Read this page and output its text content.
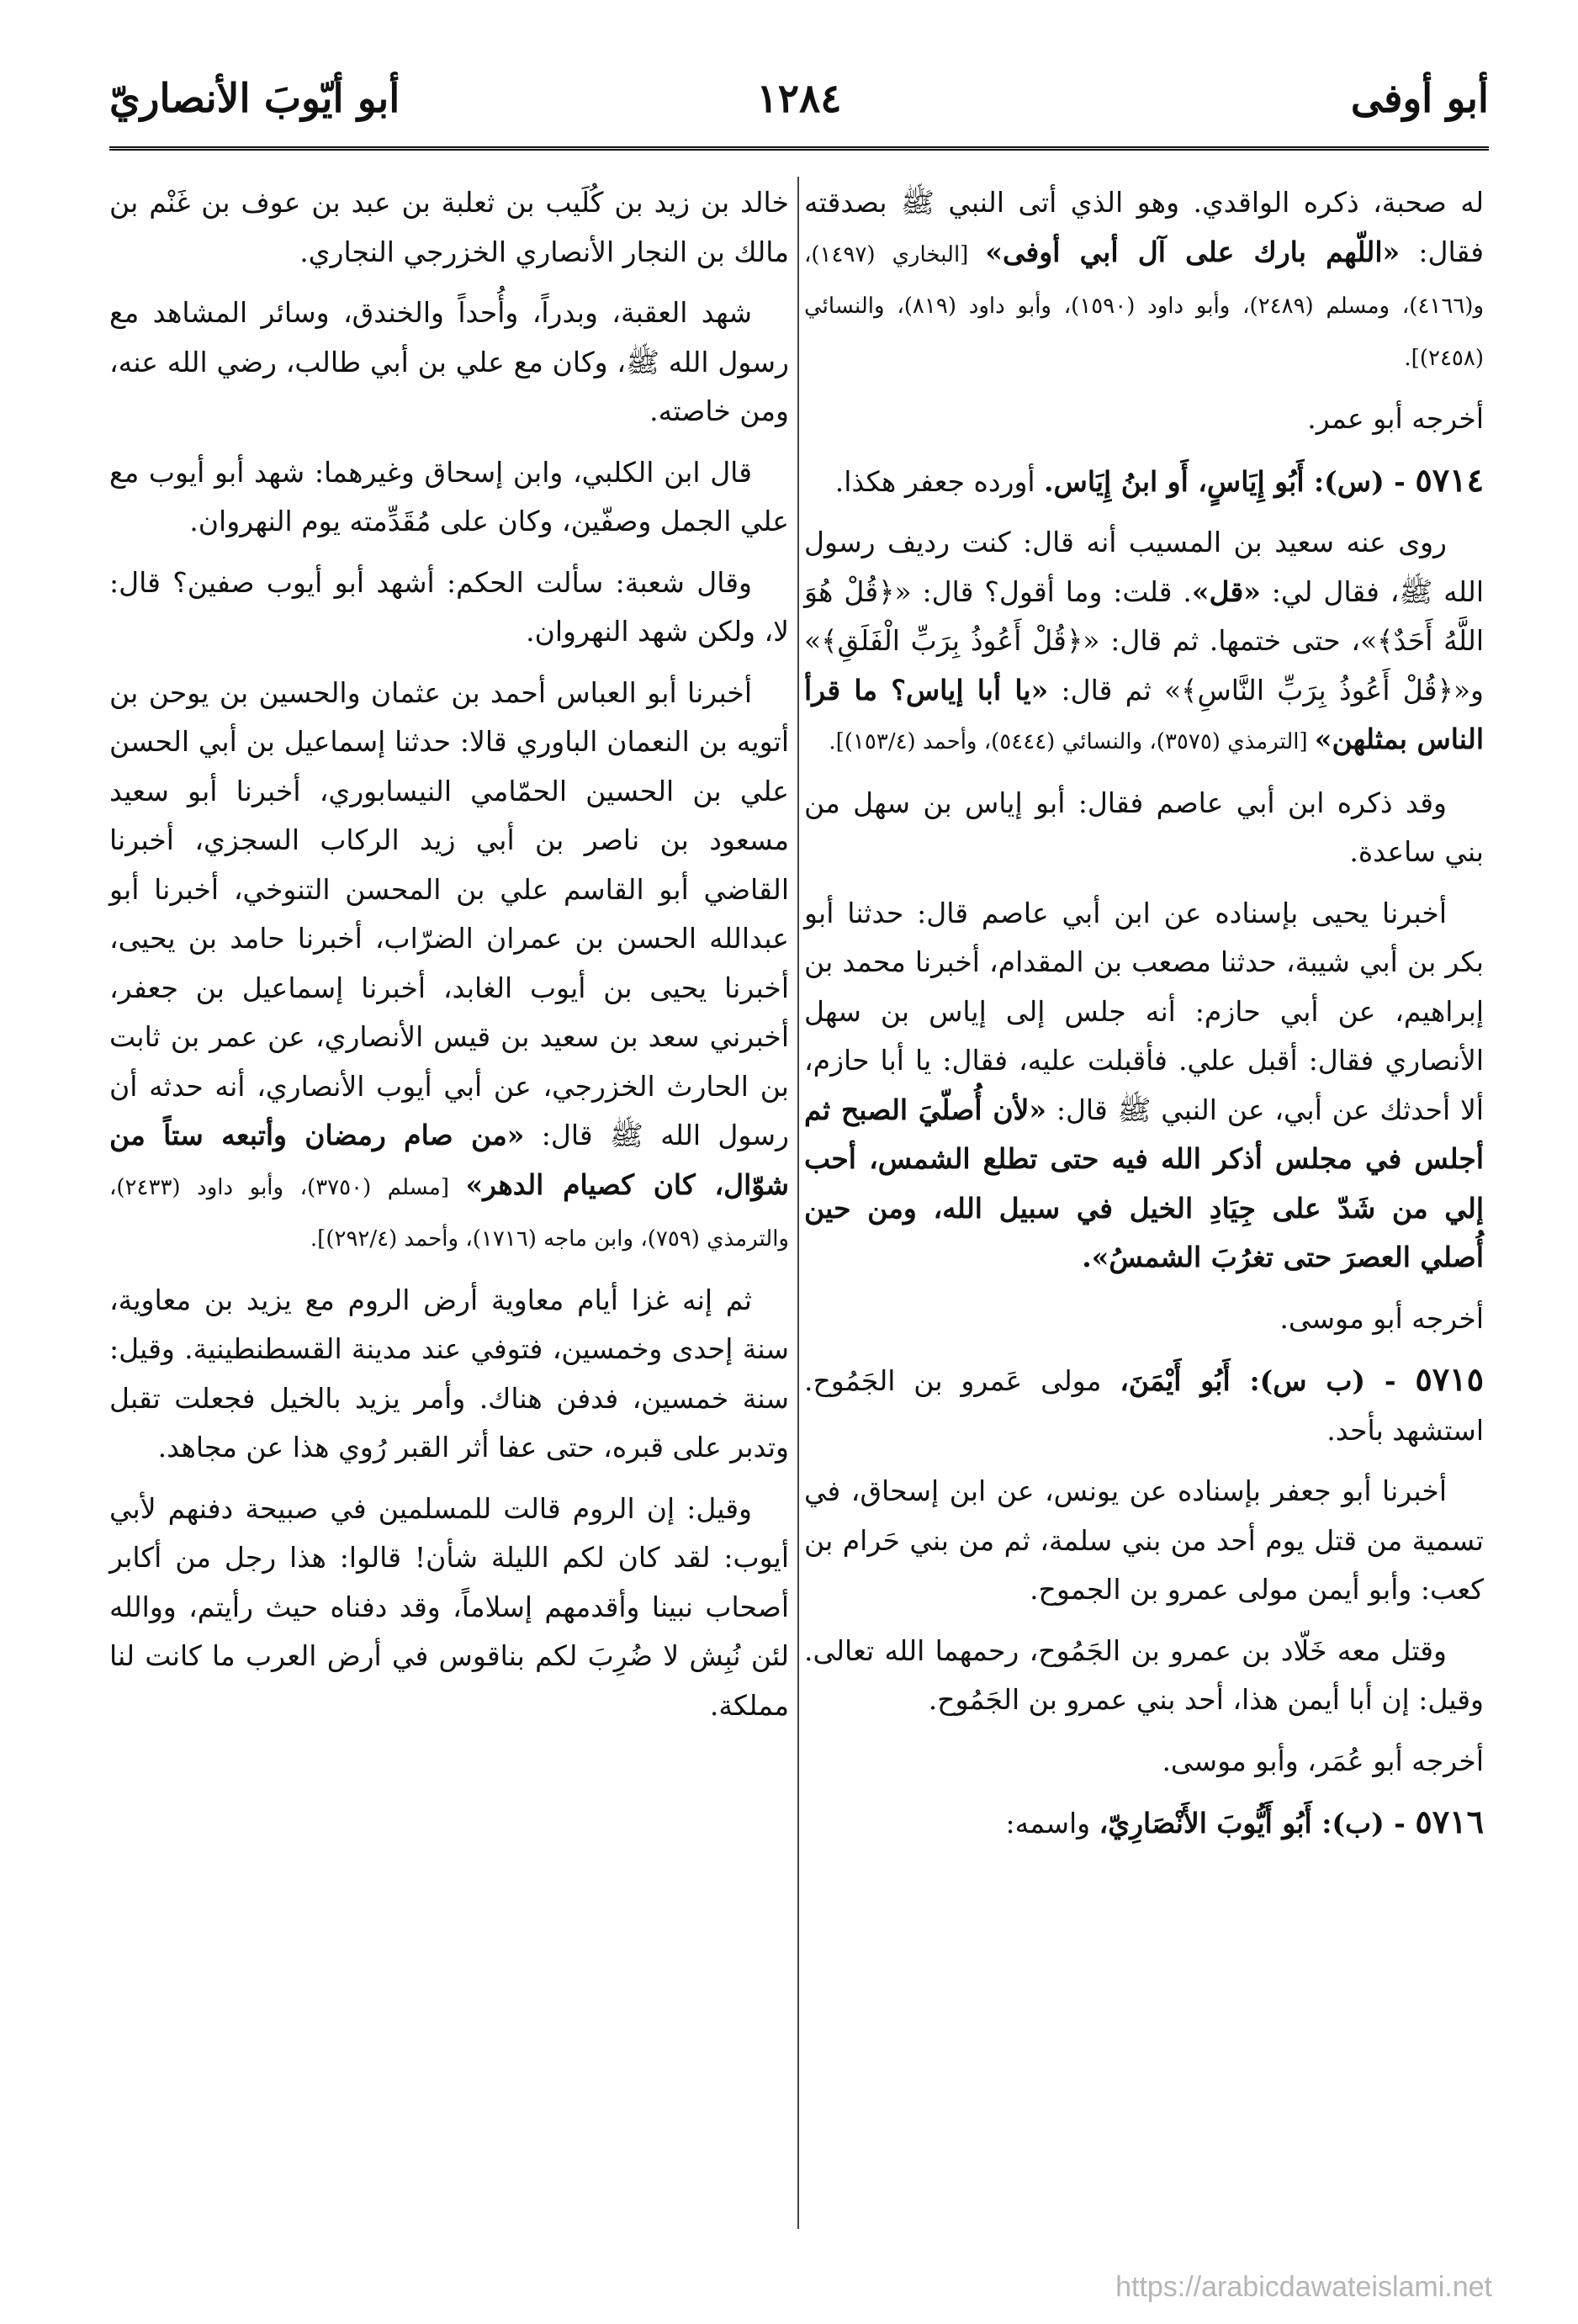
أبو أوفى
١٢٨٤
أبو أيّوبَ الأنصاريّ

له صحبة، ذكره الواقدي. وهو الذي أتى النبي ﷺ بصدقته فقال: «اللّهم بارك على آل أبي أوفى» [البخاري (١٤٩٧)، و(٤١٦٦)، ومسلم (٢٤٨٩)، وأبو داود (١٥٩٠)، وأبو داود (٨١٩)، والنسائي (٢٤٥٨)].

أخرجه أبو عمر.

٥٧١٤ - (س): أَبُو إِيَاسٍ، أَو ابنُ إِيَاس. أورده جعفر هكذا.

روى عنه سعيد بن المسيب أنه قال: كنت رديف رسول الله ﷺ، فقال لي: «قل». قلت: وما أقول؟ قال: «﴿قُلْ هُوَ اللَّهُ أَحَدٌ﴾»، حتى ختمها. ثم قال: «﴿قُلْ أَعُوذُ بِرَبِّ الْفَلَقِ﴾» و«﴿قُلْ أَعُوذُ بِرَبِّ النَّاسِ﴾» ثم قال: «يا أبا إياس؟ ما قرأ الناس بمثلهن» [الترمذي (٣٥٧٥)، والنسائي (٥٤٤٤)، وأحمد (١٥٣/٤)].

وقد ذكره ابن أبي عاصم فقال: أبو إياس بن سهل من بني ساعدة.

أخبرنا يحيى بإسناده عن ابن أبي عاصم قال: حدثنا أبو بكر بن أبي شيبة، حدثنا مصعب بن المقدام، أخبرنا محمد بن إبراهيم، عن أبي حازم: أنه جلس إلى إياس بن سهل الأنصاري فقال: أقبل علي. فأقبلت عليه، فقال: يا أبا حازم، ألا أحدثك عن أبي، عن النبي ﷺ قال: «لأن أُصلّيَ الصبح ثم أجلس في مجلس أذكر الله فيه حتى تطلع الشمس، أحب إلي من شَدّ على جِيَادِ الخيل في سبيل الله، ومن حين أُصلي العصرَ حتى تغرُبَ الشمسُ».

أخرجه أبو موسى.

٥٧١٥ - (ب س): أَبُو أَيْمَنَ، مولى عَمرو بن الجَمُوح. استشهد بأحد.

أخبرنا أبو جعفر بإسناده عن يونس، عن ابن إسحاق، في تسمية من قتل يوم أحد من بني سلمة، ثم من بني حَرام بن كعب: وأبو أيمن مولى عمرو بن الجموح.

وقتل معه خَلّاد بن عمرو بن الجَمُوح، رحمهما الله تعالى. وقيل: إن أبا أيمن هذا، أحد بني عمرو بن الجَمُوح.

أخرجه أبو عُمَر، وأبو موسى.

٥٧١٦ - (ب): أَبُو أَيُّوبَ الأَنْصَارِيّ، واسمه:

خالد بن زيد بن كُلَيب بن ثعلبة بن عبد بن عوف بن غَنْم بن مالك بن النجار الأنصاري الخزرجي النجاري.

شهد العقبة، وبدراً، وأُحداً والخندق، وسائر المشاهد مع رسول الله ﷺ، وكان مع علي بن أبي طالب، رضي الله عنه، ومن خاصته.

قال ابن الكلبي، وابن إسحاق وغيرهما: شهد أبو أيوب مع علي الجمل وصفّين، وكان على مُقَدِّمته يوم النهروان.

وقال شعبة: سألت الحكم: أشهد أبو أيوب صفين؟ قال: لا، ولكن شهد النهروان.

أخبرنا أبو العباس أحمد بن عثمان والحسين بن يوحن بن أتويه بن النعمان الباوري قالا: حدثنا إسماعيل بن أبي الحسن علي بن الحسين الحمّامي النيسابوري، أخبرنا أبو سعيد مسعود بن ناصر بن أبي زيد الركاب السجزي، أخبرنا القاضي أبو القاسم علي بن المحسن التنوخي، أخبرنا أبو عبدالله الحسن بن عمران الضرّاب، أخبرنا حامد بن يحيى، أخبرنا يحيى بن أيوب الغابد، أخبرنا إسماعيل بن جعفر، أخبرني سعد بن سعيد بن قيس الأنصاري، عن عمر بن ثابت بن الحارث الخزرجي، عن أبي أيوب الأنصاري، أنه حدثه أن رسول الله ﷺ قال: «من صام رمضان وأتبعه ستاً من شوّال، كان كصيام الدهر» [مسلم (٣٧٥٠)، وأبو داود (٢٤٣٣)، والترمذي (٧٥٩)، وابن ماجه (١٧١٦)، وأحمد (٢٩٢/٤)].

ثم إنه غزا أيام معاوية أرض الروم مع يزيد بن معاوية، سنة إحدى وخمسين، فتوفي عند مدينة القسطنطينية. وقيل: سنة خمسين، فدفن هناك. وأمر يزيد بالخيل فجعلت تقبل وتدبر على قبره، حتى عفا أثر القبر رُوي هذا عن مجاهد.

وقيل: إن الروم قالت للمسلمين في صبيحة دفنهم لأبي أيوب: لقد كان لكم الليلة شأن! قالوا: هذا رجل من أكابر أصحاب نبينا وأقدمهم إسلاماً، وقد دفناه حيث رأيتم، ووالله لئن نُبِش لا ضُرِبَ لكم بناقوس في أرض العرب ما كانت لنا مملكة.

https://arabicdawateislami.net
